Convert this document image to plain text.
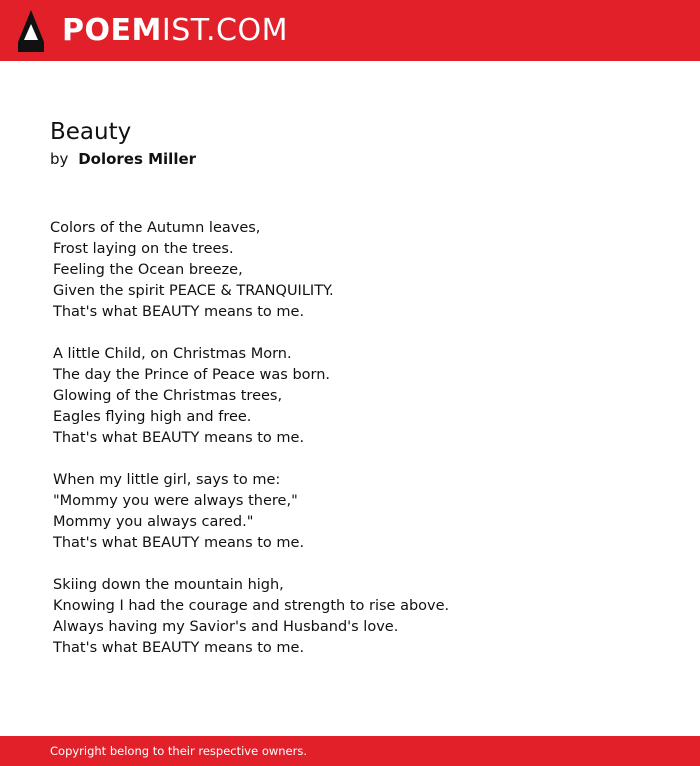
POEMIST.COM
Beauty
by Dolores Miller
Colors of the Autumn leaves,
Frost laying on the trees.
Feeling the Ocean breeze,
Given the spirit PEACE & TRANQUILITY.
That's what BEAUTY means to me.
A little Child, on Christmas Morn.
The day the Prince of Peace was born.
Glowing of the Christmas trees,
Eagles flying high and free.
That's what BEAUTY means to me.
When my little girl, says to me:
"Mommy you were always there,"
Mommy you always cared."
That's what BEAUTY means to me.
Skiing down the mountain high,
Knowing I had the courage and strength to rise above.
Always having my Savior's and Husband's love.
That's what BEAUTY means to me.
Copyright belong to their respective owners.
